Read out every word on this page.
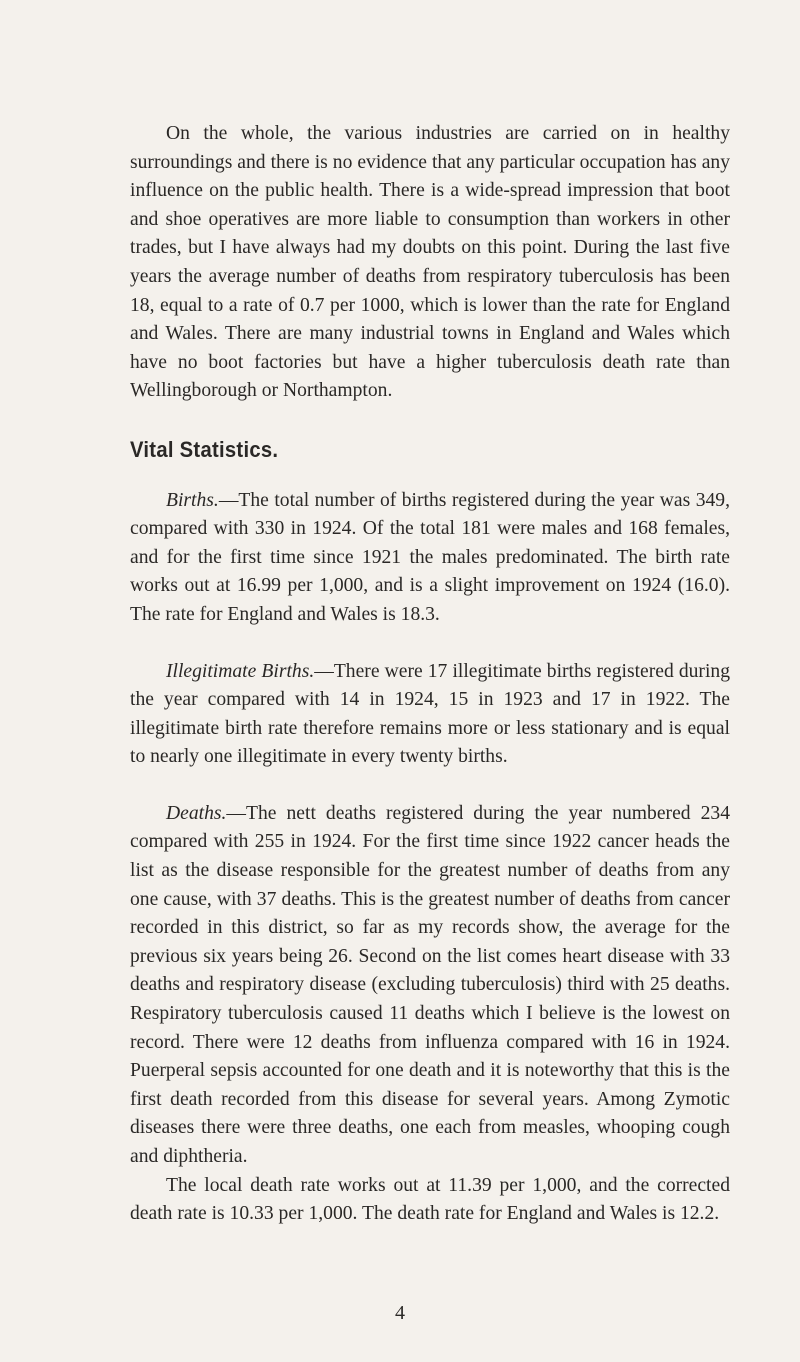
On the whole, the various industries are carried on in healthy surroundings and there is no evidence that any particular occupation has any influence on the public health. There is a wide-spread impression that boot and shoe operatives are more liable to consumption than workers in other trades, but I have always had my doubts on this point. During the last five years the average number of deaths from respiratory tuberculosis has been 18, equal to a rate of 0.7 per 1000, which is lower than the rate for England and Wales. There are many industrial towns in England and Wales which have no boot factories but have a higher tuberculosis death rate than Wellingborough or Northampton.

Vital Statistics.

Births.—The total number of births registered during the year was 349, compared with 330 in 1924. Of the total 181 were males and 168 females, and for the first time since 1921 the males predominated. The birth rate works out at 16.99 per 1,000, and is a slight improvement on 1924 (16.0). The rate for England and Wales is 18.3.

Illegitimate Births.—There were 17 illegitimate births registered during the year compared with 14 in 1924, 15 in 1923 and 17 in 1922. The illegitimate birth rate therefore remains more or less stationary and is equal to nearly one illegitimate in every twenty births.

Deaths.—The nett deaths registered during the year numbered 234 compared with 255 in 1924. For the first time since 1922 cancer heads the list as the disease responsible for the greatest number of deaths from any one cause, with 37 deaths. This is the greatest number of deaths from cancer recorded in this district, so far as my records show, the average for the previous six years being 26. Second on the list comes heart disease with 33 deaths and respiratory disease (excluding tuberculosis) third with 25 deaths. Respiratory tuberculosis caused 11 deaths which I believe is the lowest on record. There were 12 deaths from influenza compared with 16 in 1924. Puerperal sepsis accounted for one death and it is noteworthy that this is the first death recorded from this disease for several years. Among Zymotic diseases there were three deaths, one each from measles, whooping cough and diphtheria.

The local death rate works out at 11.39 per 1,000, and the corrected death rate is 10.33 per 1,000. The death rate for England and Wales is 12.2.

4
